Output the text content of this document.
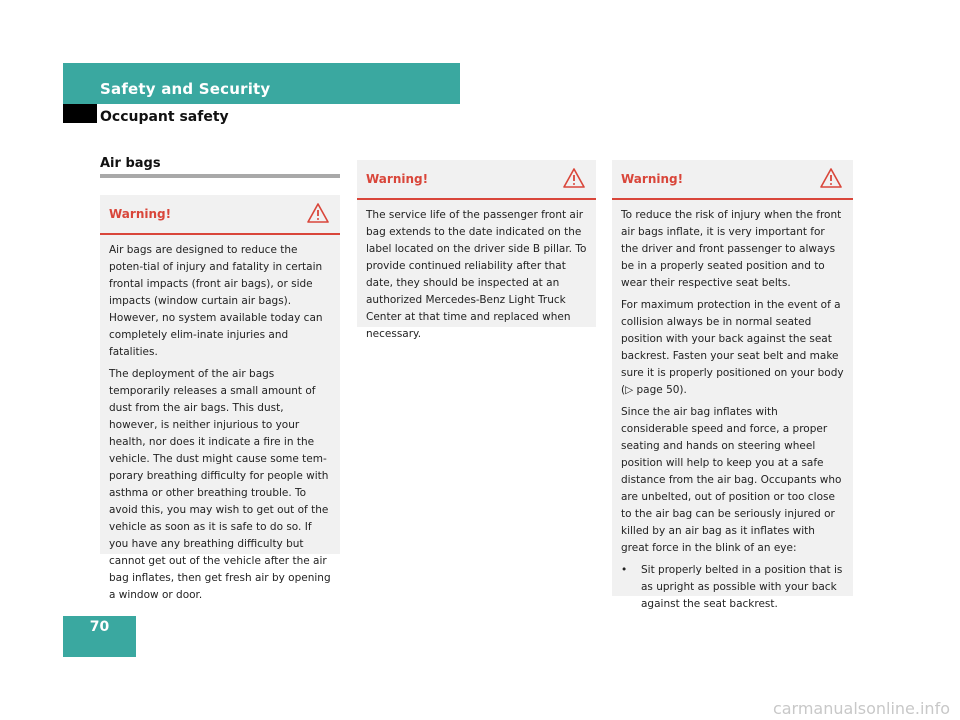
Safety and Security
Occupant safety
Air bags
Warning!

Air bags are designed to reduce the poten-tial of injury and fatality in certain frontal impacts (front air bags), or side impacts (window curtain air bags). However, no system available today can completely elim-inate injuries and fatalities.

The deployment of the air bags temporarily releases a small amount of dust from the air bags. This dust, however, is neither injurious to your health, nor does it indicate a fire in the vehicle. The dust might cause some tem-porary breathing difficulty for people with asthma or other breathing trouble. To avoid this, you may wish to get out of the vehicle as soon as it is safe to do so. If you have any breathing difficulty but cannot get out of the vehicle after the air bag inflates, then get fresh air by opening a window or door.

Warning!

The service life of the passenger front air bag extends to the date indicated on the label located on the driver side B pillar. To provide continued reliability after that date, they should be inspected at an authorized Mercedes-Benz Light Truck Center at that time and replaced when necessary.

Warning!

To reduce the risk of injury when the front air bags inflate, it is very important for the driver and front passenger to always be in a properly seated position and to wear their respective seat belts.

For maximum protection in the event of a collision always be in normal seated position with your back against the seat backrest. Fasten your seat belt and make sure it is properly positioned on your body (▷ page 50).

Since the air bag inflates with considerable speed and force, a proper seating and hands on steering wheel position will help to keep you at a safe distance from the air bag. Occupants who are unbelted, out of position or too close to the air bag can be seriously injured or killed by an air bag as it inflates with great force in the blink of an eye:

•	Sit properly belted in a position that is as upright as possible with your back against the seat backrest.
70
carmanualsonline.info
